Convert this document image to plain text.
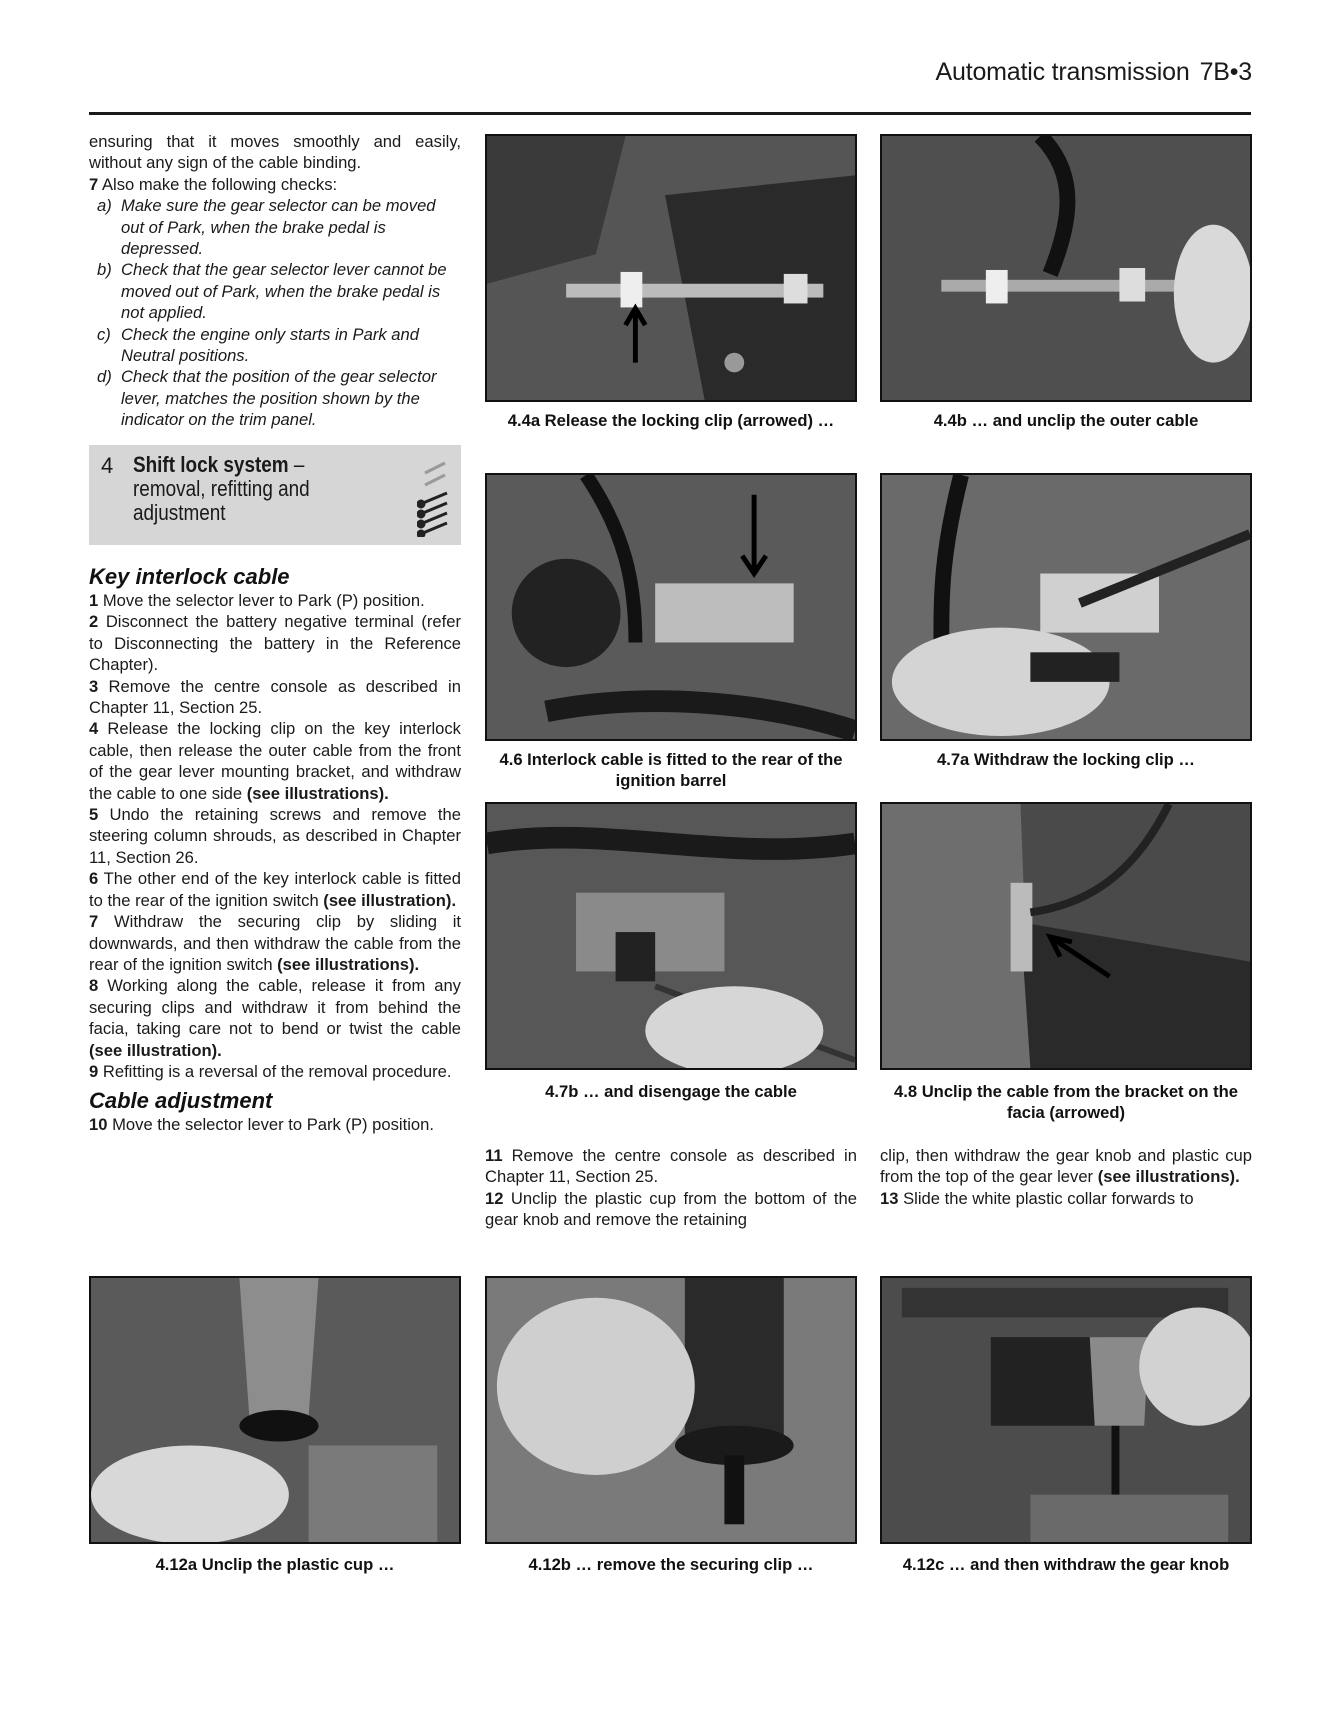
Automatic transmission 7B•3

ensuring that it moves smoothly and easily, without any sign of the cable binding.

7 Also make the following checks:

a) Make sure the gear selector can be moved out of Park, when the brake pedal is depressed.
b) Check that the gear selector lever cannot be moved out of Park, when the brake pedal is not applied.
c) Check the engine only starts in Park and Neutral positions.
d) Check that the position of the gear selector lever, matches the position shown by the indicator on the trim panel.
4 Shift lock system – removal, refitting and adjustment
Key interlock cable

1 Move the selector lever to Park (P) position.

2 Disconnect the battery negative terminal (refer to Disconnecting the battery in the Reference Chapter).

3 Remove the centre console as described in Chapter 11, Section 25.

4 Release the locking clip on the key interlock cable, then release the outer cable from the front of the gear lever mounting bracket, and withdraw the cable to one side (see illustrations).

5 Undo the retaining screws and remove the steering column shrouds, as described in Chapter 11, Section 26.

6 The other end of the key interlock cable is fitted to the rear of the ignition switch (see illustration).

7 Withdraw the securing clip by sliding it downwards, and then withdraw the cable from the rear of the ignition switch (see illustrations).

8 Working along the cable, release it from any securing clips and withdraw it from behind the facia, taking care not to bend or twist the cable (see illustration).

9 Refitting is a reversal of the removal procedure.

Cable adjustment

10 Move the selector lever to Park (P) position.

11 Remove the centre console as described in Chapter 11, Section 25.

12 Unclip the plastic cup from the bottom of the gear knob and remove the retaining

clip, then withdraw the gear knob and plastic cup from the top of the gear lever (see illustrations).

13 Slide the white plastic collar forwards to

4.4a Release the locking clip (arrowed) …	4.4b … and unclip the outer cable
4.6 Interlock cable is fitted to the rear of the ignition barrel
4.7a Withdraw the locking clip …
4.7b … and disengage the cable	4.8 Unclip the cable from the bracket on the facia (arrowed)
4.12a Unclip the plastic cup …	4.12b … remove the securing clip …	4.12c … and then withdraw the gear knob
